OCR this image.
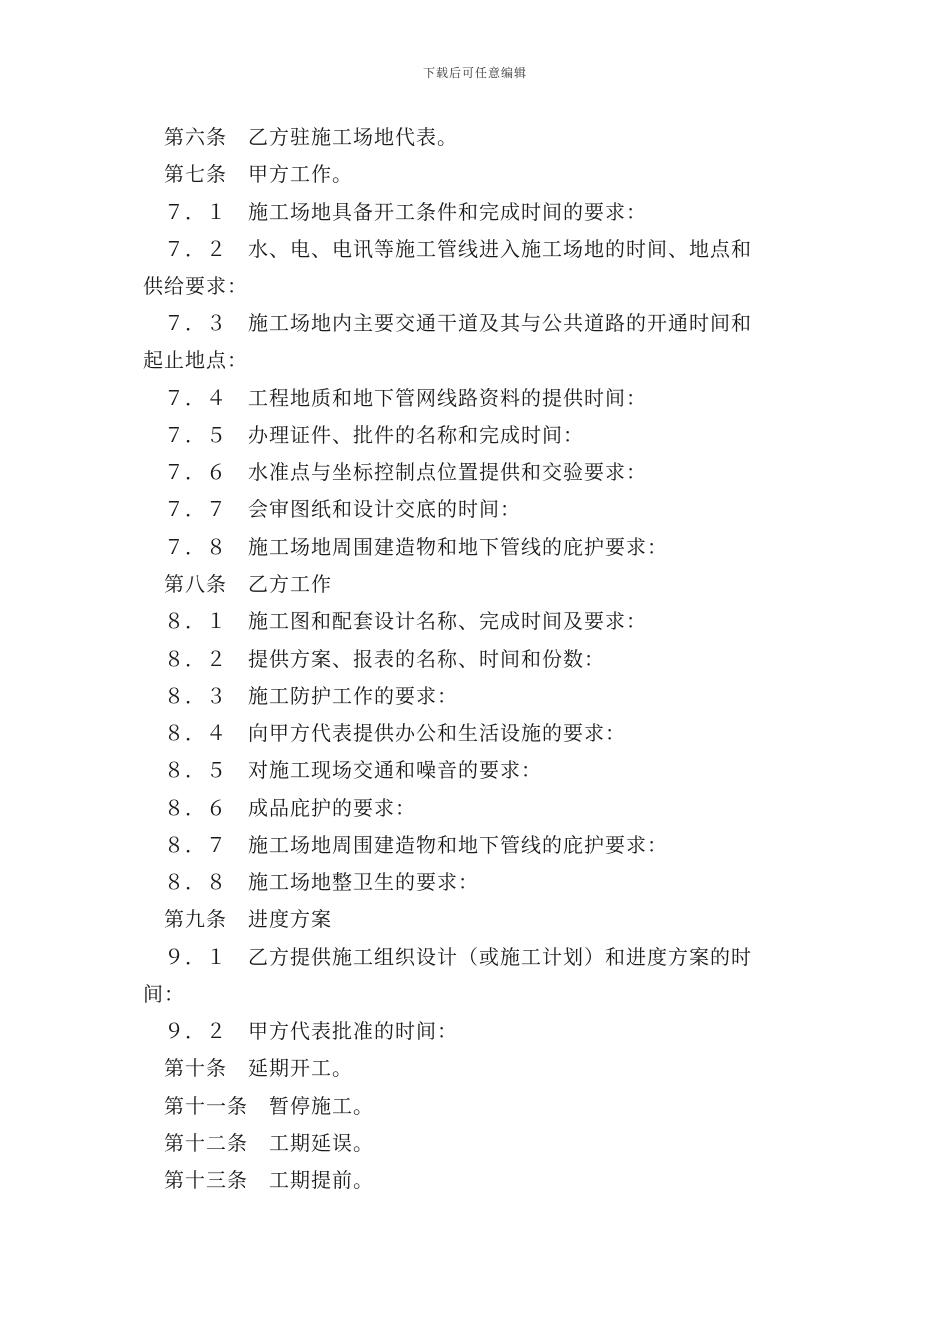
下载后可任意编辑
第六条　乙方驻施工场地代表。
第七条　甲方工作。
７．１　施工场地具备开工条件和完成时间的要求：
７．２　水、电、电讯等施工管线进入施工场地的时间、地点和
供给要求：
７．３　施工场地内主要交通干道及其与公共道路的开通时间和
起止地点：
７．４　工程地质和地下管网线路资料的提供时间：
７．５　办理证件、批件的名称和完成时间：
７．６　水准点与坐标控制点位置提供和交验要求：
７．７　会审图纸和设计交底的时间：
７．８　施工场地周围建造物和地下管线的庇护要求：
第八条　乙方工作
８．１　施工图和配套设计名称、完成时间及要求：
８．２　提供方案、报表的名称、时间和份数：
８．３　施工防护工作的要求：
８．４　向甲方代表提供办公和生活设施的要求：
８．５　对施工现场交通和噪音的要求：
８．６　成品庇护的要求：
８．７　施工场地周围建造物和地下管线的庇护要求：
８．８　施工场地整卫生的要求：
第九条　进度方案
９．１　乙方提供施工组织设计（或施工计划）和进度方案的时
间：
９．２　甲方代表批准的时间：
第十条　延期开工。
第十一条　暂停施工。
第十二条　工期延误。
第十三条　工期提前。
